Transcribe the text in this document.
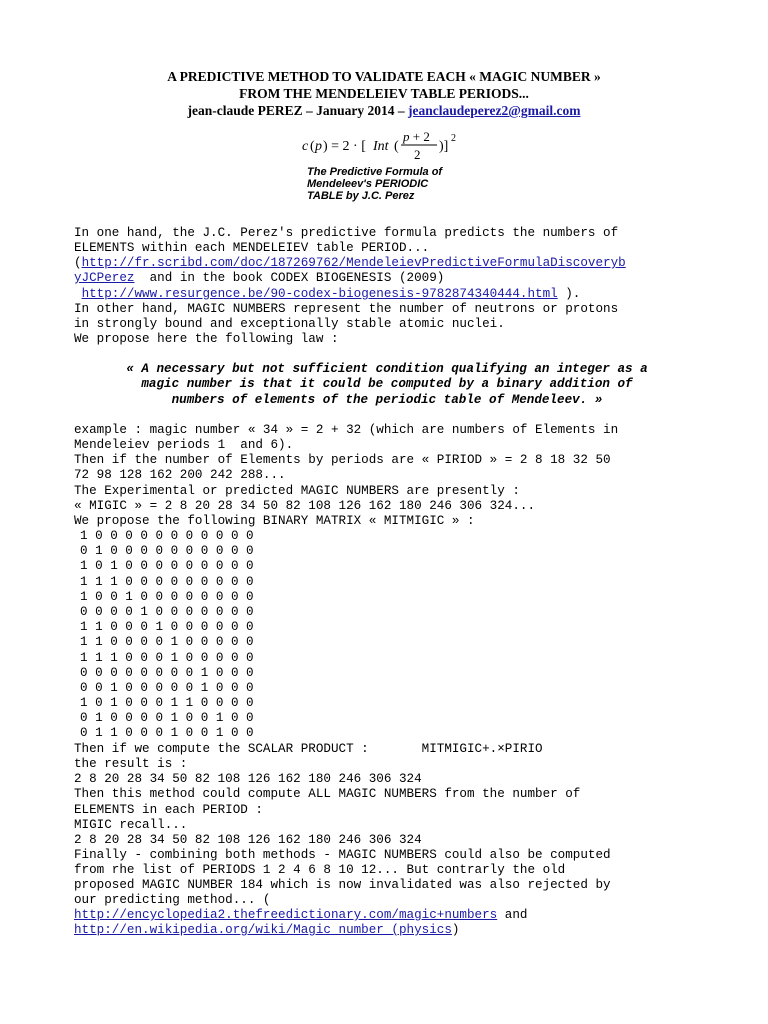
A PREDICTIVE METHOD TO VALIDATE EACH « MAGIC NUMBER »
FROM THE MENDELEIEV TABLE PERIODS...
jean-claude PEREZ – January 2014 – jeanclaudeperez2@gmail.com
c ( p ) = 2 · [ Int (
p + 2
2
)]
2
The Predictive Formula of
Mendeleev's PERIODIC
TABLE by J.C. Perez
In one hand, the J.C. Perez's predictive formula predicts the numbers of
ELEMENTS within each MENDELEIEV table PERIOD...
(http://fr.scribd.com/doc/187269762/MendeleievPredictiveFormulaDiscoveryb
yJCPerez  and in the book CODEX BIOGENESIS (2009)
http://www.resurgence.be/90-codex-biogenesis-9782874340444.html ).
In other hand, MAGIC NUMBERS represent the number of neutrons or protons
in strongly bound and exceptionally stable atomic nuclei.
We propose here the following law :
« A necessary but not sufficient condition qualifying an integer as a
magic number is that it could be computed by a binary addition of
numbers of elements of the periodic table of Mendeleev. »
example : magic number « 34 » = 2 + 32 (which are numbers of Elements in
Mendeleiev periods 1  and 6).
Then if the number of Elements by periods are « PIRIOD » = 2 8 18 32 50
72 98 128 162 200 242 288...
The Experimental or predicted MAGIC NUMBERS are presently :
« MIGIC » = 2 8 20 28 34 50 82 108 126 162 180 246 306 324...
We propose the following BINARY MATRIX « MITMIGIC » :
1 0 0 0 0 0 0 0 0 0 0 0
0 1 0 0 0 0 0 0 0 0 0 0
1 0 1 0 0 0 0 0 0 0 0 0
1 1 1 0 0 0 0 0 0 0 0 0
1 0 0 1 0 0 0 0 0 0 0 0
0 0 0 0 1 0 0 0 0 0 0 0
1 1 0 0 0 1 0 0 0 0 0 0
1 1 0 0 0 0 1 0 0 0 0 0
1 1 1 0 0 0 1 0 0 0 0 0
0 0 0 0 0 0 0 0 1 0 0 0
0 0 1 0 0 0 0 0 1 0 0 0
1 0 1 0 0 0 1 1 0 0 0 0
0 1 0 0 0 0 1 0 0 1 0 0
0 1 1 0 0 0 1 0 0 1 0 0
Then if we compute the SCALAR PRODUCT :       MITMIGIC+.×PIRIO
the result is :
2 8 20 28 34 50 82 108 126 162 180 246 306 324
Then this method could compute ALL MAGIC NUMBERS from the number of
ELEMENTS in each PERIOD :
MIGIC recall...
2 8 20 28 34 50 82 108 126 162 180 246 306 324
Finally - combining both methods - MAGIC NUMBERS could also be computed
from rhe list of PERIODS 1 2 4 6 8 10 12... But contrarly the old
proposed MAGIC NUMBER 184 which is now invalidated was also rejected by
our predicting method... (
http://encyclopedia2.thefreedictionary.com/magic+numbers and
http://en.wikipedia.org/wiki/Magic_number_(physics)
